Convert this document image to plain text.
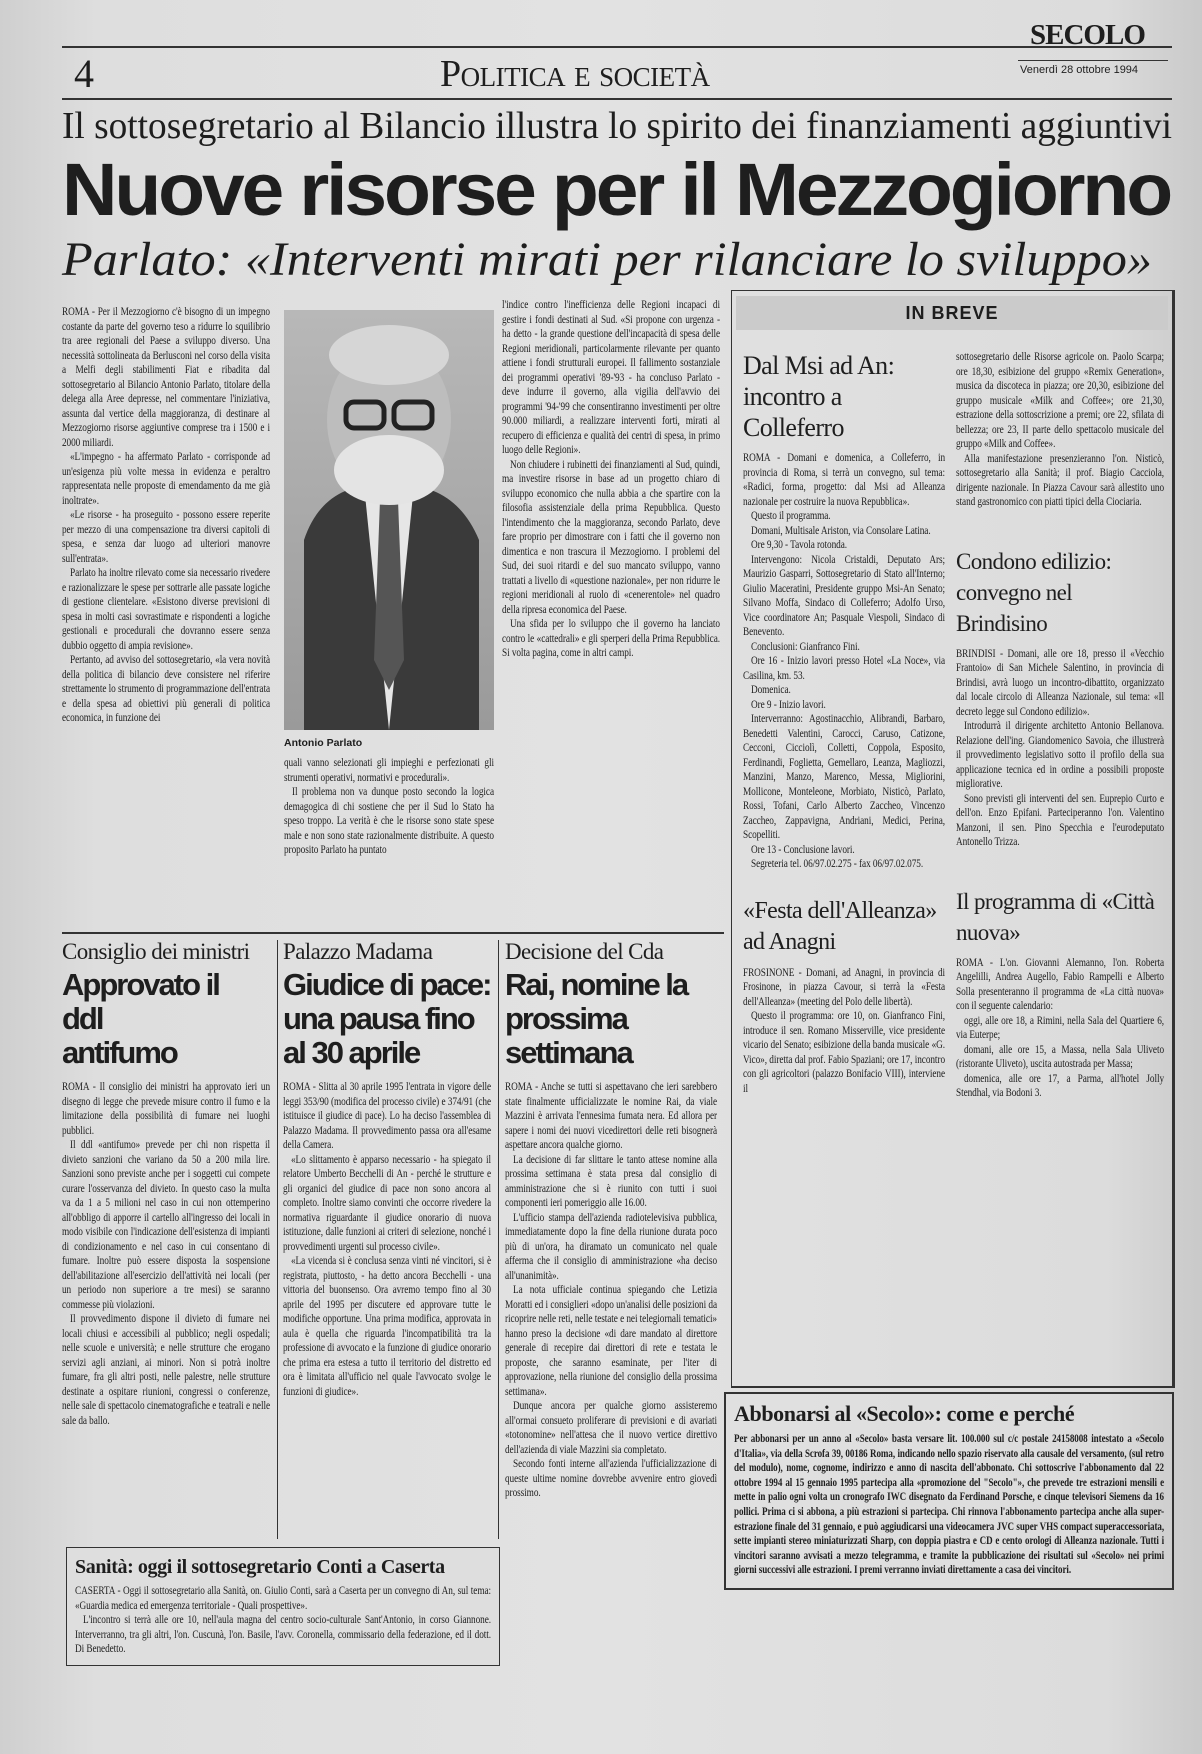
4	Politica e società
SECOLO
Venerdì 28 ottobre 1994
Il sottosegretario al Bilancio illustra lo spirito dei finanziamenti aggiuntivi
Nuove risorse per il Mezzogiorno
Parlato: «Interventi mirati per rilanciare lo sviluppo»

ROMA - Per il Mezzogiorno c'è bisogno di un impegno costante da parte del governo teso a ridurre lo squilibrio tra aree regionali del Paese a sviluppo diverso. Una necessità sottolineata da Berlusconi nel corso della visita a Melfi degli stabilimenti Fiat e ribadita dal sottosegretario al Bilancio Antonio Parlato, titolare della delega alla Aree depresse, nel commentare l'iniziativa, assunta dal vertice della maggioranza, di destinare al Mezzogiorno risorse aggiuntive comprese tra i 1500 e i 2000 miliardi.

«L'impegno - ha affermato Parlato - corrisponde ad un'esigenza più volte messa in evidenza e peraltro rappresentata nelle proposte di emendamento da me già inoltrate».

«Le risorse - ha proseguito - possono essere reperite per mezzo di una compensazione tra diversi capitoli di spesa, e senza dar luogo ad ulteriori manovre sull'entrata».

Parlato ha inoltre rilevato come sia necessario rivedere e razionalizzare le spese per sottrarle alle passate logiche di gestione clientelare. «Esistono diverse previsioni di spesa in molti casi sovrastimate e rispondenti a logiche gestionali e procedurali che dovranno essere senza dubbio oggetto di ampia revisione».

Pertanto, ad avviso del sottosegretario, «la vera novità della politica di bilancio deve consistere nel riferire strettamente lo strumento di programmazione dell'entrata e della spesa ad obiettivi più generali di politica economica, in funzione dei

Antonio Parlato

quali vanno selezionati gli impieghi e perfezionati gli strumenti operativi, normativi e procedurali».

Il problema non va dunque posto secondo la logica demagogica di chi sostiene che per il Sud lo Stato ha speso troppo. La verità è che le risorse sono state spese male e non sono state razionalmente distribuite. A questo proposito Parlato ha puntato

l'indice contro l'inefficienza delle Regioni incapaci di gestire i fondi destinati al Sud. «Si propone con urgenza - ha detto - la grande questione dell'incapacità di spesa delle Regioni meridionali, particolarmente rilevante per quanto attiene i fondi strutturali europei. Il fallimento sostanziale dei programmi operativi '89-'93 - ha concluso Parlato - deve indurre il governo, alla vigilia dell'avvio dei programmi '94-'99 che consentiranno investimenti per oltre 90.000 miliardi, a realizzare interventi forti, mirati al recupero di efficienza e qualità dei centri di spesa, in primo luogo delle Regioni».

Non chiudere i rubinetti dei finanziamenti al Sud, quindi, ma investire risorse in base ad un progetto chiaro di sviluppo economico che nulla abbia a che spartire con la filosofia assistenziale della prima Repubblica. Questo l'intendimento che la maggioranza, secondo Parlato, deve fare proprio per dimostrare con i fatti che il governo non dimentica e non trascura il Mezzogiorno. I problemi del Sud, dei suoi ritardi e del suo mancato sviluppo, vanno trattati a livello di «questione nazionale», per non ridurre le regioni meridionali al ruolo di «cenerentole» nel quadro della ripresa economica del Paese.

Una sfida per lo sviluppo che il governo ha lanciato contro le «cattedrali» e gli sperperi della Prima Repubblica. Si volta pagina, come in altri campi.

IN BREVE
Dal Msi ad An: incontro a Colleferro

ROMA - Domani e domenica, a Colleferro, in provincia di Roma, si terrà un convegno, sul tema: «Radici, forma, progetto: dal Msi ad Alleanza nazionale per costruire la nuova Repubblica».

Questo il programma.

Domani, Multisale Ariston, via Consolare Latina.

Ore 9,30 - Tavola rotonda.

Intervengono: Nicola Cristaldi, Deputato Ars; Maurizio Gasparri, Sottosegretario di Stato all'Interno; Giulio Maceratini, Presidente gruppo Msi-An Senato; Silvano Moffa, Sindaco di Colleferro; Adolfo Urso, Vice coordinatore An; Pasquale Viespoli, Sindaco di Benevento.

Conclusioni: Gianfranco Fini.

Ore 16 - Inizio lavori presso Hotel «La Noce», via Casilina, km. 53.

Domenica.

Ore 9 - Inizio lavori.

Interverranno: Agostinacchio, Alibrandi, Barbaro, Benedetti Valentini, Carocci, Caruso, Catizone, Cecconi, Cicciolì, Colletti, Coppola, Esposito, Ferdinandi, Foglietta, Gemellaro, Leanza, Magliozzi, Manzini, Manzo, Marenco, Messa, Migliorini, Mollicone, Monteleone, Morbiato, Nisticò, Parlato, Rossi, Tofani, Carlo Alberto Zaccheo, Vincenzo Zaccheo, Zappavigna, Andriani, Medici, Perina, Scopelliti.

Ore 13 - Conclusione lavori.

Segreteria tel. 06/97.02.275 - fax 06/97.02.075.

«Festa dell'Alleanza» ad Anagni

FROSINONE - Domani, ad Anagni, in provincia di Frosinone, in piazza Cavour, si terrà la «Festa dell'Alleanza» (meeting del Polo delle libertà).

Questo il programma: ore 10, on. Gianfranco Fini, introduce il sen. Romano Misserville, vice presidente vicario del Senato; esibizione della banda musicale «G. Vico», diretta dal prof. Fabio Spaziani; ore 17, incontro con gli agricoltori (palazzo Bonifacio VIII), interviene il

sottosegretario delle Risorse agricole on. Paolo Scarpa; ore 18,30, esibizione del gruppo «Remix Generation», musica da discoteca in piazza; ore 20,30, esibizione del gruppo musicale «Milk and Coffee»; ore 21,30, estrazione della sottoscrizione a premi; ore 22, sfilata di bellezza; ore 23, II parte dello spettacolo musicale del gruppo «Milk and Coffee».

Alla manifestazione presenzieranno l'on. Nisticò, sottosegretario alla Sanità; il prof. Biagio Cacciola, dirigente nazionale. In Piazza Cavour sarà allestito uno stand gastronomico con piatti tipici della Ciociaria.

Condono edilizio: convegno nel Brindisino

BRINDISI - Domani, alle ore 18, presso il «Vecchio Frantoio» di San Michele Salentino, in provincia di Brindisi, avrà luogo un incontro-dibattito, organizzato dal locale circolo di Alleanza Nazionale, sul tema: «Il decreto legge sul Condono edilizio».

Introdurrà il dirigente architetto Antonio Bellanova. Relazione dell'ing. Giandomenico Savoia, che illustrerà il provvedimento legislativo sotto il profilo della sua applicazione tecnica ed in ordine a possibili proposte migliorative.

Sono previsti gli interventi del sen. Euprepio Curto e dell'on. Enzo Epifani. Parteciperanno l'on. Valentino Manzoni, il sen. Pino Specchia e l'eurodeputato Antonello Trizza.

Il programma di «Città nuova»

ROMA - L'on. Giovanni Alemanno, l'on. Roberta Angelilli, Andrea Augello, Fabio Rampelli e Alberto Solla presenteranno il programma de «La città nuova» con il seguente calendario:

oggi, alle ore 18, a Rimini, nella Sala del Quartiere 6, via Euterpe;

domani, alle ore 15, a Massa, nella Sala Uliveto (ristorante Uliveto), uscita autostrada per Massa;

domenica, alle ore 17, a Parma, all'hotel Jolly Stendhal, via Bodoni 3.

Consiglio dei ministri
Approvato il ddl antifumo

ROMA - Il consiglio dei ministri ha approvato ieri un disegno di legge che prevede misure contro il fumo e la limitazione della possibilità di fumare nei luoghi pubblici.

Il ddl «antifumo» prevede per chi non rispetta il divieto sanzioni che variano da 50 a 200 mila lire. Sanzioni sono previste anche per i soggetti cui compete curare l'osservanza del divieto. In questo caso la multa va da 1 a 5 milioni nel caso in cui non ottemperino all'obbligo di apporre il cartello all'ingresso dei locali in modo visibile con l'indicazione dell'esistenza di impianti di condizionamento e nel caso in cui consentano di fumare. Inoltre può essere disposta la sospensione dell'abilitazione all'esercizio dell'attività nei locali (per un periodo non superiore a tre mesi) se saranno commesse più violazioni.

Il provvedimento dispone il divieto di fumare nei locali chiusi e accessibili al pubblico; negli ospedali; nelle scuole e università; e nelle strutture che erogano servizi agli anziani, ai minori. Non si potrà inoltre fumare, fra gli altri posti, nelle palestre, nelle strutture destinate a ospitare riunioni, congressi o conferenze, nelle sale di spettacolo cinematografiche e teatrali e nelle sale da ballo.

Palazzo Madama
Giudice di pace: una pausa fino al 30 aprile

ROMA - Slitta al 30 aprile 1995 l'entrata in vigore delle leggi 353/90 (modifica del processo civile) e 374/91 (che istituisce il giudice di pace). Lo ha deciso l'assemblea di Palazzo Madama. Il provvedimento passa ora all'esame della Camera.

«Lo slittamento è apparso necessario - ha spiegato il relatore Umberto Becchelli di An - perché le strutture e gli organici del giudice di pace non sono ancora al completo. Inoltre siamo convinti che occorre rivedere la normativa riguardante il giudice onorario di nuova istituzione, dalle funzioni ai criteri di selezione, nonché i provvedimenti urgenti sul processo civile».

«La vicenda si è conclusa senza vinti né vincitori, si è registrata, piuttosto, - ha detto ancora Becchelli - una vittoria del buonsenso. Ora avremo tempo fino al 30 aprile del 1995 per discutere ed approvare tutte le modifiche opportune. Una prima modifica, approvata in aula è quella che riguarda l'incompatibilità tra la professione di avvocato e la funzione di giudice onorario che prima era estesa a tutto il territorio del distretto ed ora è limitata all'ufficio nel quale l'avvocato svolge le funzioni di giudice».

Decisione del Cda
Rai, nomine la prossima settimana

ROMA - Anche se tutti si aspettavano che ieri sarebbero state finalmente ufficializzate le nomine Rai, da viale Mazzini è arrivata l'ennesima fumata nera. Ed allora per sapere i nomi dei nuovi vicedirettori delle reti bisognerà aspettare ancora qualche giorno.

La decisione di far slittare le tanto attese nomine alla prossima settimana è stata presa dal consiglio di amministrazione che si è riunito con tutti i suoi componenti ieri pomeriggio alle 16.00.

L'ufficio stampa dell'azienda radiotelevisiva pubblica, immediatamente dopo la fine della riunione durata poco più di un'ora, ha diramato un comunicato nel quale afferma che il consiglio di amministrazione «ha deciso all'unanimità».

La nota ufficiale continua spiegando che Letizia Moratti ed i consiglieri «dopo un'analisi delle posizioni da ricoprire nelle reti, nelle testate e nei telegiornali tematici» hanno preso la decisione «di dare mandato al direttore generale di recepire dai direttori di rete e testata le proposte, che saranno esaminate, per l'iter di approvazione, nella riunione del consiglio della prossima settimana».

Dunque ancora per qualche giorno assisteremo all'ormai consueto proliferare di previsioni e di avariati «totonomine» nell'attesa che il nuovo vertice direttivo dell'azienda di viale Mazzini sia completato.

Secondo fonti interne all'azienda l'ufficializzazione di queste ultime nomine dovrebbe avvenire entro giovedì prossimo.

Sanità: oggi il sottosegretario Conti a Caserta

CASERTA - Oggi il sottosegretario alla Sanità, on. Giulio Conti, sarà a Caserta per un convegno di An, sul tema: «Guardia medica ed emergenza territoriale - Quali prospettive».

L'incontro si terrà alle ore 10, nell'aula magna del centro socio-culturale Sant'Antonio, in corso Giannone. Interverranno, tra gli altri, l'on. Cuscunà, l'on. Basile, l'avv. Coronella, commissario della federazione, ed il dott. Di Benedetto.

Abbonarsi al «Secolo»: come e perché

Per abbonarsi per un anno al «Secolo» basta versare lit. 100.000 sul c/c postale 24158008 intestato a «Secolo d'Italia», via della Scrofa 39, 00186 Roma, indicando nello spazio riservato alla causale del versamento, (sul retro del modulo), nome, cognome, indirizzo e anno di nascita dell'abbonato. Chi sottoscrive l'abbonamento dal 22 ottobre 1994 al 15 gennaio 1995 partecipa alla «promozione del "Secolo"», che prevede tre estrazioni mensili e mette in palio ogni volta un cronografo IWC disegnato da Ferdinand Porsche, e cinque televisori Siemens da 16 pollici. Prima ci si abbona, a più estrazioni si partecipa. Chi rinnova l'abbonamento partecipa anche alla super-estrazione finale del 31 gennaio, e può aggiudicarsi una videocamera JVC super VHS compact superaccessoriata, sette impianti stereo miniaturizzati Sharp, con doppia piastra e CD e cento orologi di Alleanza nazionale. Tutti i vincitori saranno avvisati a mezzo telegramma, e tramite la pubblicazione dei risultati sul «Secolo» nei primi giorni successivi alle estrazioni. I premi verranno inviati direttamente a casa dei vincitori.
